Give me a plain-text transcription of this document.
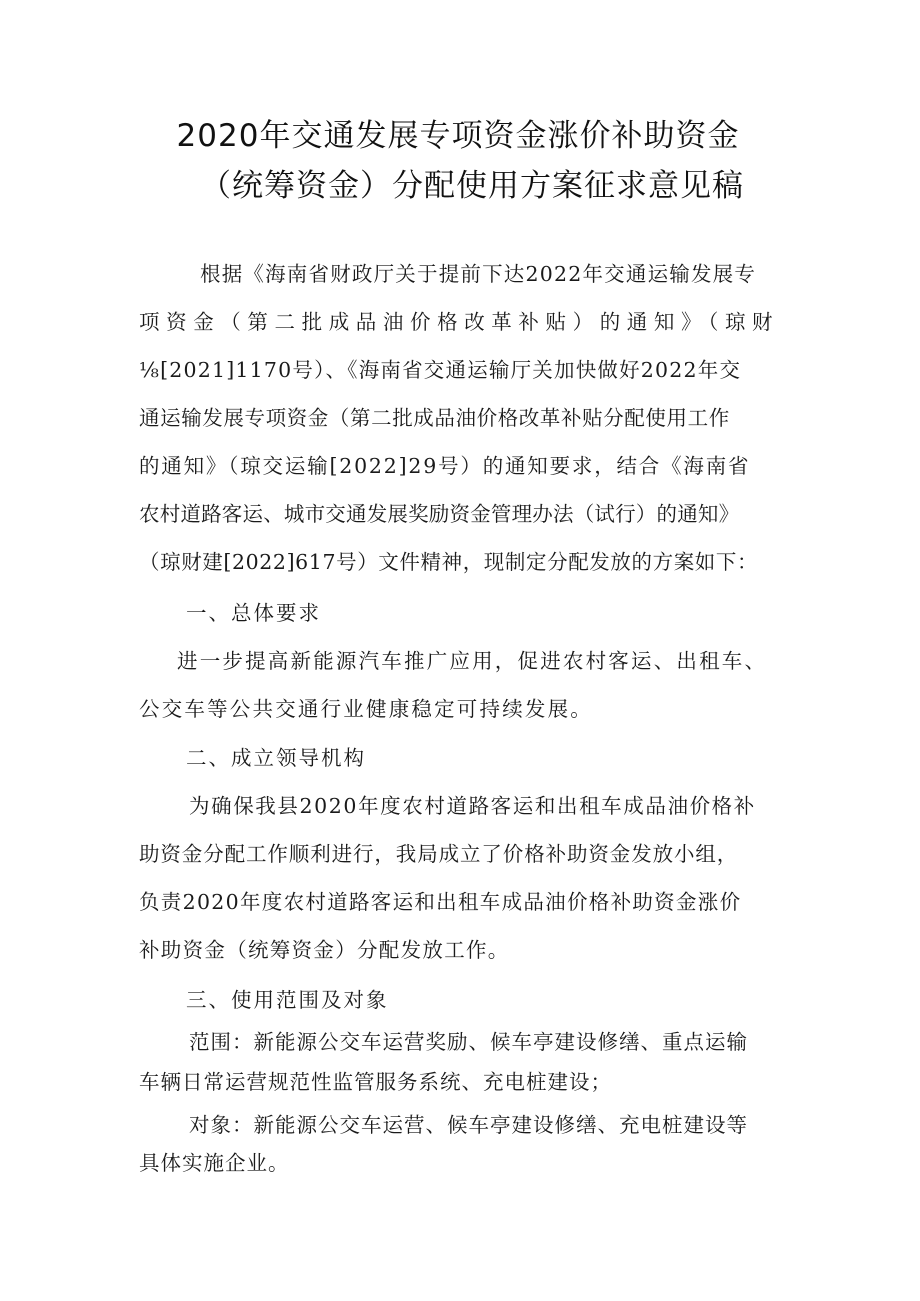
2020年交通发展专项资金涨价补助资金
（统筹资金）分配使用方案征求意见稿
根据《海南省财政厅关于提前下达2022年交通运输发展专
项资金（第二批成品油价格改革补贴）的通知》（琼财
⅛[2021]1170号）、《海南省交通运输厅关加快做好2022年交
通运输发展专项资金（第二批成品油价格改革补贴分配使用工作
的通知》（琼交运输[2022]29号）的通知要求，结合《海南省
农村道路客运、城市交通发展奖励资金管理办法（试行）的通知》
（琼财建[2022]617号）文件精神，现制定分配发放的方案如下：
一、总体要求
进一步提高新能源汽车推广应用，促进农村客运、出租车、
公交车等公共交通行业健康稳定可持续发展。
二、成立领导机构
为确保我县2020年度农村道路客运和出租车成品油价格补
助资金分配工作顺利进行，我局成立了价格补助资金发放小组，
负责2020年度农村道路客运和出租车成品油价格补助资金涨价
补助资金（统筹资金）分配发放工作。
三、使用范围及对象
范围：新能源公交车运营奖励、候车亭建设修缮、重点运输
车辆日常运营规范性监管服务系统、充电桩建设；
对象：新能源公交车运营、候车亭建设修缮、充电桩建设等
具体实施企业。
